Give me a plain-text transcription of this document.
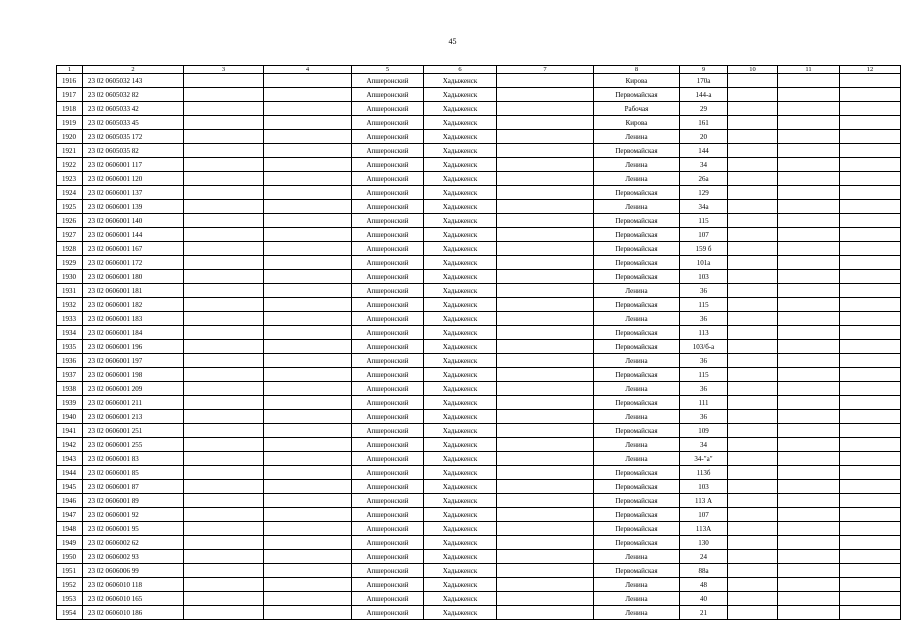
45
1	2	3	4	5	6	7	8	9	10	11	12
1916	23 02 0605032 143			Апшеронский	Хадыженск		Кирова	170а			
1917	23 02 0605032 82			Апшеронский	Хадыженск		Первомайская	144-а			
1918	23 02 0605033 42			Апшеронский	Хадыженск		Рабочая	29			
1919	23 02 0605033 45			Апшеронский	Хадыженск		Кирова	161			
1920	23 02 0605035 172			Апшеронский	Хадыженск		Ленина	20			
1921	23 02 0605035 82			Апшеронский	Хадыженск		Первомайская	144			
1922	23 02 0606001 117			Апшеронский	Хадыженск		Ленина	34			
1923	23 02 0606001 120			Апшеронский	Хадыженск		Ленина	26а			
1924	23 02 0606001 137			Апшеронский	Хадыженск		Первомайская	129			
1925	23 02 0606001 139			Апшеронский	Хадыженск		Ленина	34а			
1926	23 02 0606001 140			Апшеронский	Хадыженск		Первомайская	115			
1927	23 02 0606001 144			Апшеронский	Хадыженск		Первомайская	107			
1928	23 02 0606001 167			Апшеронский	Хадыженск		Первомайская	159 б			
1929	23 02 0606001 172			Апшеронский	Хадыженск		Первомайская	101а			
1930	23 02 0606001 180			Апшеронский	Хадыженск		Первомайская	103			
1931	23 02 0606001 181			Апшеронский	Хадыженск		Ленина	36			
1932	23 02 0606001 182			Апшеронский	Хадыженск		Первомайская	115			
1933	23 02 0606001 183			Апшеронский	Хадыженск		Ленина	36			
1934	23 02 0606001 184			Апшеронский	Хадыженск		Первомайская	113			
1935	23 02 0606001 196			Апшеронский	Хадыженск		Первомайская	103/б-а			
1936	23 02 0606001 197			Апшеронский	Хадыженск		Ленина	36			
1937	23 02 0606001 198			Апшеронский	Хадыженск		Первомайская	115			
1938	23 02 0606001 209			Апшеронский	Хадыженск		Ленина	36			
1939	23 02 0606001 211			Апшеронский	Хадыженск		Первомайская	111			
1940	23 02 0606001 213			Апшеронский	Хадыженск		Ленина	36			
1941	23 02 0606001 251			Апшеронский	Хадыженск		Первомайская	109			
1942	23 02 0606001 255			Апшеронский	Хадыженск		Ленина	34			
1943	23 02 0606001 83			Апшеронский	Хадыженск		Ленина	34-"а"			
1944	23 02 0606001 85			Апшеронский	Хадыженск		Первомайская	113б			
1945	23 02 0606001 87			Апшеронский	Хадыженск		Первомайская	103			
1946	23 02 0606001 89			Апшеронский	Хадыженск		Первомайская	113 А			
1947	23 02 0606001 92			Апшеронский	Хадыженск		Первомайская	107			
1948	23 02 0606001 95			Апшеронский	Хадыженск		Первомайская	113А			
1949	23 02 0606002 62			Апшеронский	Хадыженск		Первомайская	130			
1950	23 02 0606002 93			Апшеронский	Хадыженск		Ленина	24			
1951	23 02 0606006 99			Апшеронский	Хадыженск		Первомайская	88а			
1952	23 02 0606010 118			Апшеронский	Хадыженск		Ленина	48			
1953	23 02 0606010 165			Апшеронский	Хадыженск		Ленина	40			
1954	23 02 0606010 186			Апшеронский	Хадыженск		Ленина	21			
